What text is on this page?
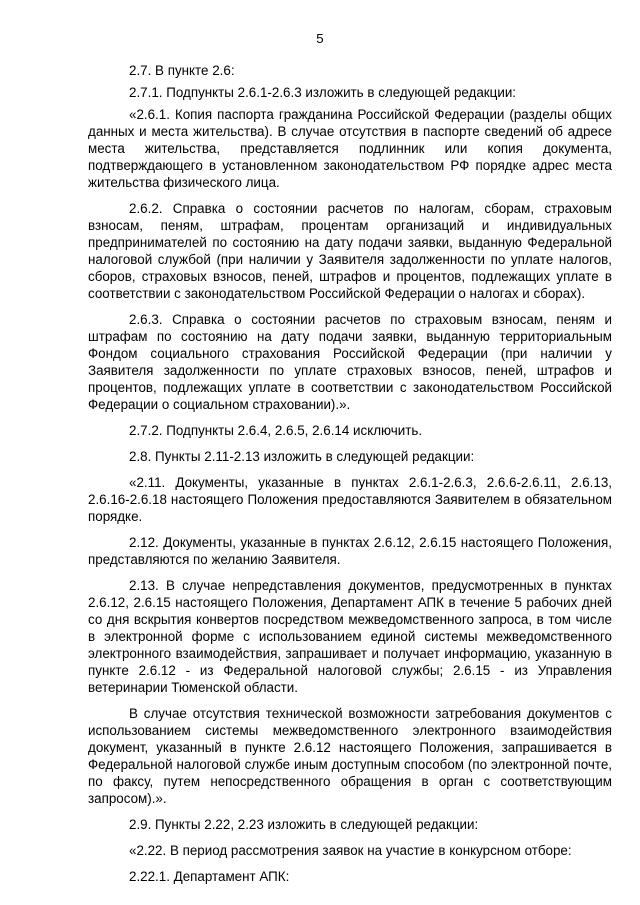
5

2.7. В пункте 2.6:

2.7.1. Подпункты 2.6.1-2.6.3 изложить в следующей редакции:

«2.6.1. Копия паспорта гражданина Российской Федерации (разделы общих данных и места жительства). В случае отсутствия в паспорте сведений об адресе места жительства, представляется подлинник или копия документа, подтверждающего в установленном законодательством РФ порядке адрес места жительства физического лица.

2.6.2. Справка о состоянии расчетов по налогам, сборам, страховым взносам, пеням, штрафам, процентам организаций и индивидуальных предпринимателей по состоянию на дату подачи заявки, выданную Федеральной налоговой службой (при наличии у Заявителя задолженности по уплате налогов, сборов, страховых взносов, пеней, штрафов и процентов, подлежащих уплате в соответствии с законодательством Российской Федерации о налогах и сборах).

2.6.3. Справка о состоянии расчетов по страховым взносам, пеням и штрафам по состоянию на дату подачи заявки, выданную территориальным Фондом социального страхования Российской Федерации (при наличии у Заявителя задолженности по уплате страховых взносов, пеней, штрафов и процентов, подлежащих уплате в соответствии с законодательством Российской Федерации о социальном страховании).».

2.7.2. Подпункты 2.6.4, 2.6.5, 2.6.14 исключить.

2.8. Пункты 2.11-2.13 изложить в следующей редакции:

«2.11. Документы, указанные в пунктах 2.6.1-2.6.3, 2.6.6-2.6.11, 2.6.13, 2.6.16-2.6.18 настоящего Положения предоставляются Заявителем в обязательном порядке.

2.12. Документы, указанные в пунктах 2.6.12, 2.6.15 настоящего Положения, представляются по желанию Заявителя.

2.13. В случае непредставления документов, предусмотренных в пунктах 2.6.12, 2.6.15 настоящего Положения, Департамент АПК в течение 5 рабочих дней со дня вскрытия конвертов посредством межведомственного запроса, в том числе в электронной форме с использованием единой системы межведомственного электронного взаимодействия, запрашивает и получает информацию, указанную в пункте 2.6.12 - из Федеральной налоговой службы; 2.6.15 - из Управления ветеринарии Тюменской области.

В случае отсутствия технической возможности затребования документов с использованием системы межведомственного электронного взаимодействия документ, указанный в пункте 2.6.12 настоящего Положения, запрашивается в Федеральной налоговой службе иным доступным способом (по электронной почте, по факсу, путем непосредственного обращения в орган с соответствующим запросом).».

2.9. Пункты 2.22, 2.23 изложить в следующей редакции:

«2.22. В период рассмотрения заявок на участие в конкурсном отборе:

2.22.1. Департамент АПК:
